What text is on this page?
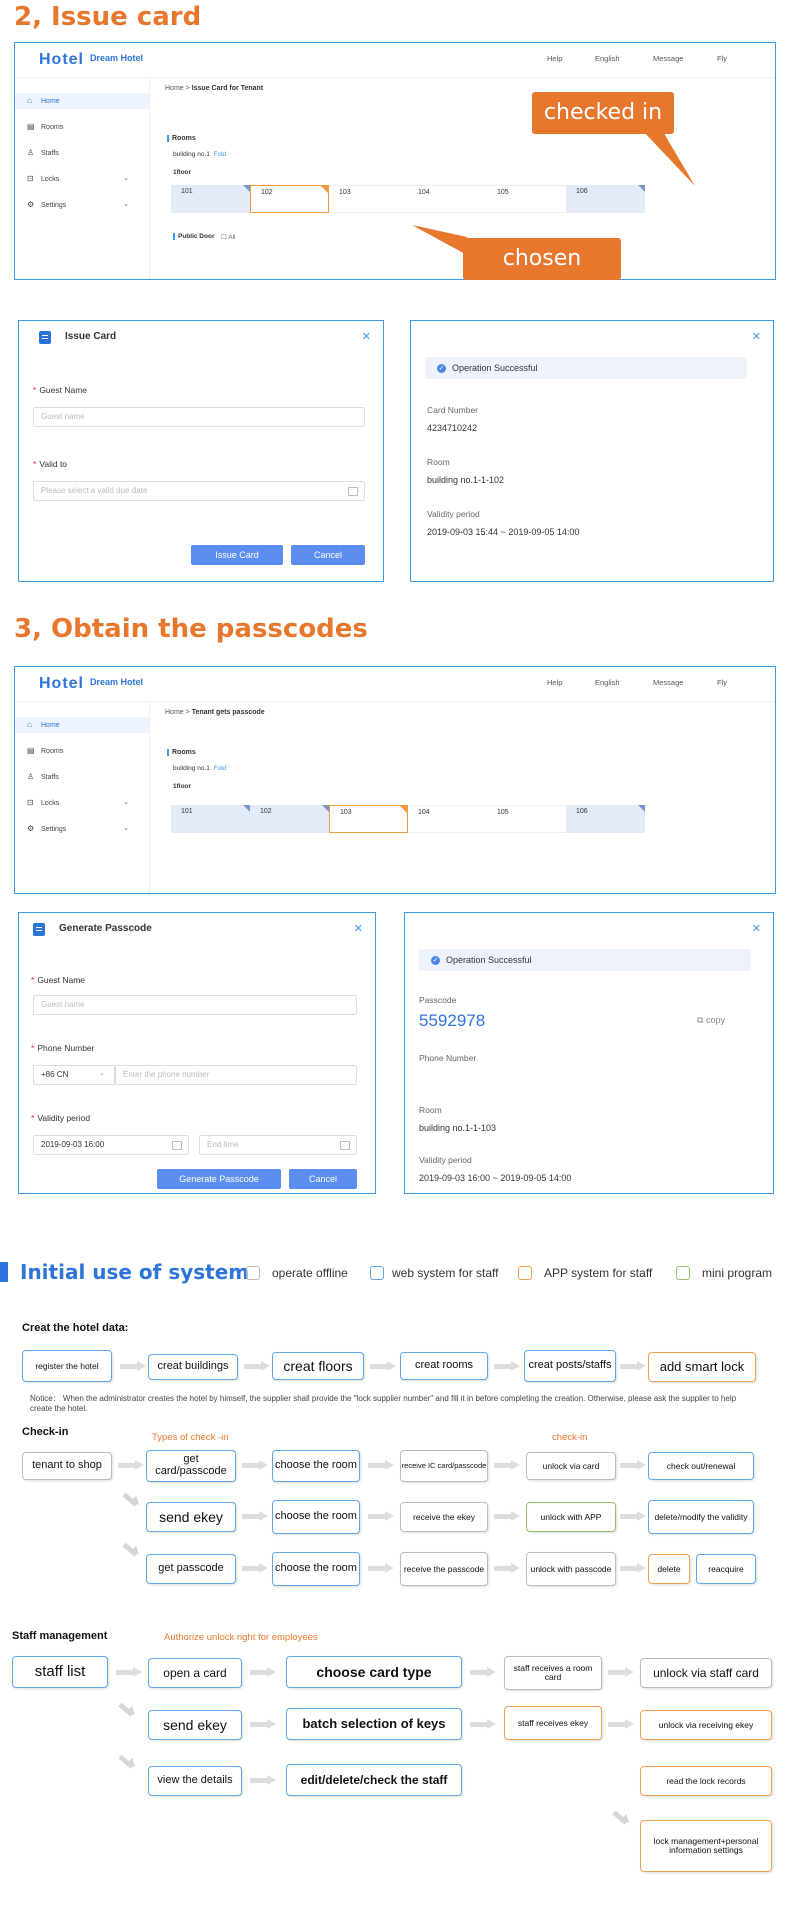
2, Issue card
Hotel Dream Hotel	Help	English	Message	Fly
⌂ Home
▤ Rooms
♙ Staffs
⊡ Locks	⌄
⚙ Settings	⌄
Home > Issue Card for Tenant
Rooms
building no.1 Fold
1floor
101	102	103	104	105	106
Public Door ☐ All
checked in
chosen
Issue Card	✕
* Guest Name
Guest name
* Valid to
Please select a valid due date
Issue Card	Cancel
✕
✓ Operation Successful
Card Number
4234710242
Room
building no.1-1-102
Validity period
2019-09-03 15:44 ~ 2019-09-05 14:00
3, Obtain the passcodes
Hotel Dream Hotel	Help	English	Message	Fly
⌂ Home
▤ Rooms
♙ Staffs
⊡ Locks	⌄
⚙ Settings	⌄
Home > Tenant gets passcode
Rooms
building no.1 Fold
1floor
101	102	103	104	105	106
Generate Passcode	✕
* Guest Name
Guest name
* Phone Number
+86 CN	⌄	Enter the phone number
* Validity period
2019-09-03 16:00	End time
Generate Passcode	Cancel
✕
✓ Operation Successful
Passcode
5592978	⧉ copy
Phone Number
Room
building no.1-1-103
Validity period
2019-09-03 16:00 ~ 2019-09-05 14:00
Initial use of system operate offline	web system for staff	APP system for staff	mini program
Creat the hotel data:
register the hotel	creat buildings	creat floors	creat rooms	creat posts/staffs	add smart lock
Notice： When the administrator creates the hotel by himself, the supplier shall provide the "lock supplier number" and fill it in before completing the creation. Otherwise, please ask the supplier to help create the hotel.
Check-in	Types of check -in	check-in
tenant to shop	get card/passcode	choose the room	receive IC card/passcode	unlock via card	check out/renewal
send ekey	choose the room	receive the ekey	unlock with APP	delete/modify the validity
get passcode	choose the room	receive the passcode	unlock with passcode	delete	reacquire
Staff management	Authorize unlock right for employees
staff list	open a card	choose card type	staff receives a room card	unlock via staff card
send ekey	batch selection of keys	staff receives ekey	unlock via receiving ekey
view the details	edit/delete/check the staff	read the lock records
lock management+personal information settings
